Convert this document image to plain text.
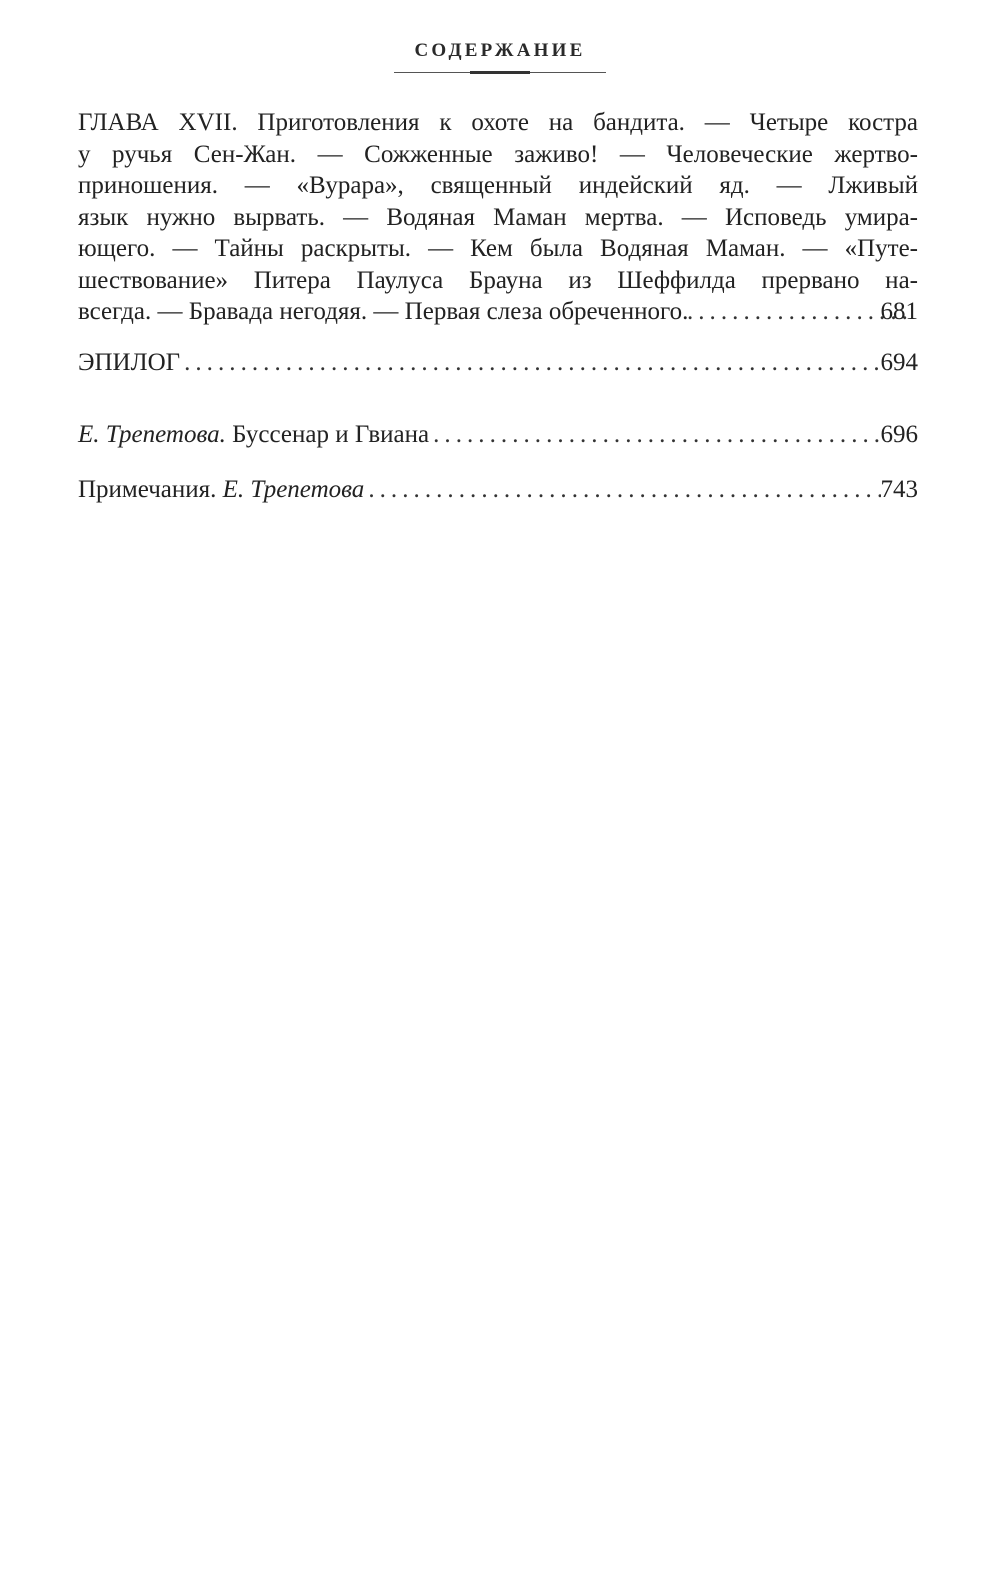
СОДЕРЖАНИЕ
ГЛАВА XVII. Приготовления к охоте на бандита. — Четыре костра
у ручья Сен-Жан. — Сожженные заживо! — Человеческие жертво-
приношения. — «Вурара», священный индейский яд. — Лживый
язык нужно вырвать. — Водяная Маман мертва. — Исповедь умира-
ющего. — Тайны раскрыты. — Кем была Водяная Маман. — «Путе-
шествование» Питера Паулуса Брауна из Шеффилда прервано на-
всегда. — Бравада негодяя. — Первая слеза обреченного. . . .	681
ЭПИЛОГ . . .	694
Е. Трепетова. Буссенар и Гвиана . . .	696
Примечания. Е. Трепетова . . .	743
